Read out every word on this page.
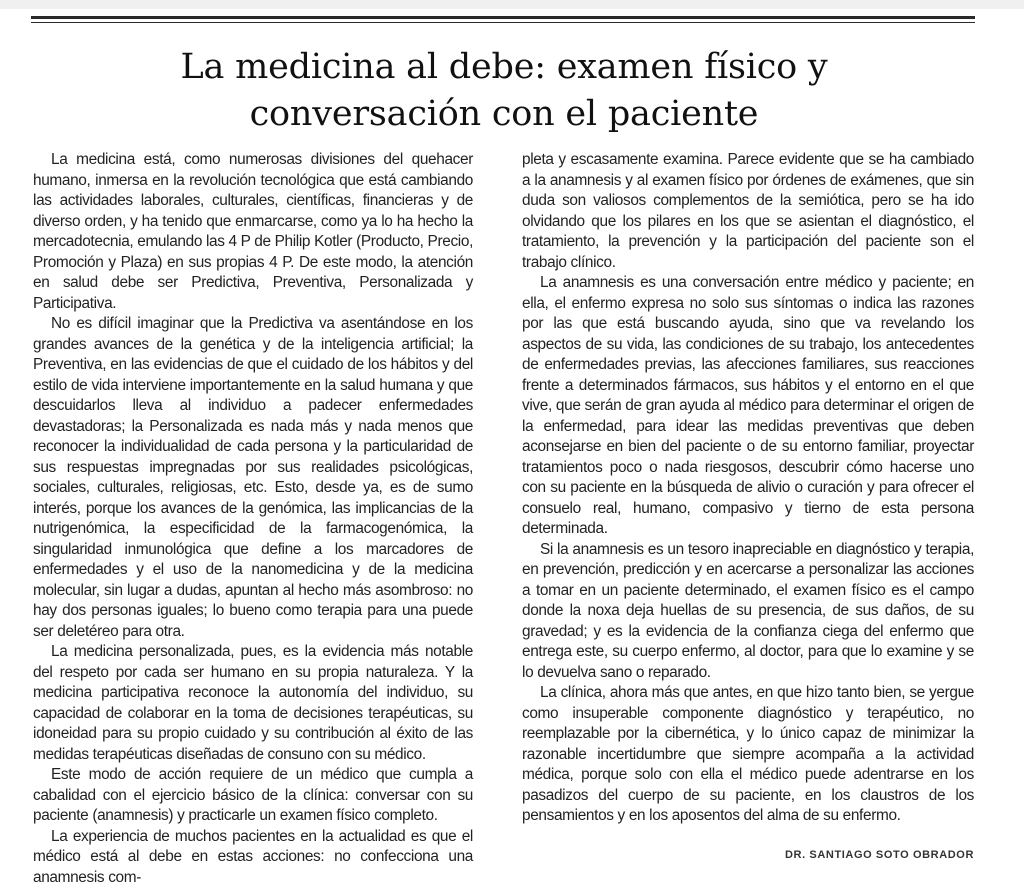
La medicina al debe: examen físico y
conversación con el paciente

La medicina está, como numerosas divisiones del quehacer humano, inmersa en la revolución tecnológica que está cambiando las actividades laborales, culturales, científicas, financieras y de diverso orden, y ha tenido que enmarcarse, como ya lo ha hecho la mercadotecnia, emulando las 4 P de Philip Kotler (Producto, Precio, Promoción y Plaza) en sus propias 4 P. De este modo, la atención en salud debe ser Predictiva, Preventiva, Personalizada y Participativa.

No es difícil imaginar que la Predictiva va asentándose en los grandes avances de la genética y de la inteligencia artificial; la Preventiva, en las evidencias de que el cuidado de los hábitos y del estilo de vida interviene importantemente en la salud humana y que descuidarlos lleva al individuo a padecer enfermedades devastadoras; la Personalizada es nada más y nada menos que reconocer la individualidad de cada persona y la particularidad de sus respuestas impregnadas por sus realidades psicológicas, sociales, culturales, religiosas, etc. Esto, desde ya, es de sumo interés, porque los avances de la genómica, las implicancias de la nutrigenómica, la especificidad de la farmacogenómica, la singularidad inmunológica que define a los marcadores de enfermedades y el uso de la nanomedicina y de la medicina molecular, sin lugar a dudas, apuntan al hecho más asombroso: no hay dos personas iguales; lo bueno como terapia para una puede ser deletéreo para otra.

La medicina personalizada, pues, es la evidencia más notable del respeto por cada ser humano en su propia naturaleza. Y la medicina participativa reconoce la autonomía del individuo, su capacidad de colaborar en la toma de decisiones terapéuticas, su idoneidad para su propio cuidado y su contribución al éxito de las medidas terapéuticas diseñadas de consuno con su médico.

Este modo de acción requiere de un médico que cumpla a cabalidad con el ejercicio básico de la clínica: conversar con su paciente (anamnesis) y practicarle un examen físico completo.

La experiencia de muchos pacientes en la actualidad es que el médico está al debe en estas acciones: no confecciona una anamnesis com-

pleta y escasamente examina. Parece evidente que se ha cambiado a la anamnesis y al examen físico por órdenes de exámenes, que sin duda son valiosos complementos de la semiótica, pero se ha ido olvidando que los pilares en los que se asientan el diagnóstico, el tratamiento, la prevención y la participación del paciente son el trabajo clínico.

La anamnesis es una conversación entre médico y paciente; en ella, el enfermo expresa no solo sus síntomas o indica las razones por las que está buscando ayuda, sino que va revelando los aspectos de su vida, las condiciones de su trabajo, los antecedentes de enfermedades previas, las afecciones familiares, sus reacciones frente a determinados fármacos, sus hábitos y el entorno en el que vive, que serán de gran ayuda al médico para determinar el origen de la enfermedad, para idear las medidas preventivas que deben aconsejarse en bien del paciente o de su entorno familiar, proyectar tratamientos poco o nada riesgosos, descubrir cómo hacerse uno con su paciente en la búsqueda de alivio o curación y para ofrecer el consuelo real, humano, compasivo y tierno de esta persona determinada.

Si la anamnesis es un tesoro inapreciable en diagnóstico y terapia, en prevención, predicción y en acercarse a personalizar las acciones a tomar en un paciente determinado, el examen físico es el campo donde la noxa deja huellas de su presencia, de sus daños, de su gravedad; y es la evidencia de la confianza ciega del enfermo que entrega este, su cuerpo enfermo, al doctor, para que lo examine y se lo devuelva sano o reparado.

La clínica, ahora más que antes, en que hizo tanto bien, se yergue como insuperable componente diagnóstico y terapéutico, no reemplazable por la cibernética, y lo único capaz de minimizar la razonable incertidumbre que siempre acompaña a la actividad médica, porque solo con ella el médico puede adentrarse en los pasadizos del cuerpo de su paciente, en los claustros de los pensamientos y en los aposentos del alma de su enfermo.

DR. SANTIAGO SOTO OBRADOR
